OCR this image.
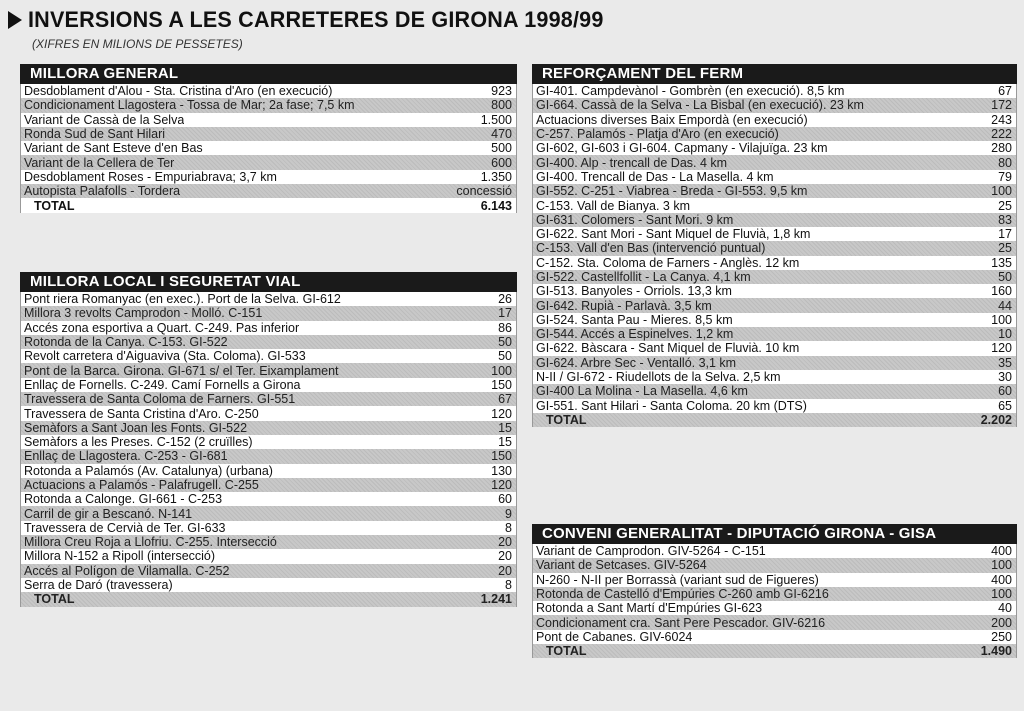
INVERSIONS A LES CARRETERES DE GIRONA 1998/99
(XIFRES EN MILIONS DE PESSETES)
MILLORA GENERAL
Desdoblament d'Alou - Sta. Cristina d'Aro (en execució)	923
Condicionament Llagostera - Tossa de Mar; 2a fase; 7,5 km	800
Variant de Cassà de la Selva	1.500
Ronda Sud de Sant Hilari	470
Variant de Sant Esteve d'en Bas	500
Variant de la Cellera de Ter	600
Desdoblament Roses - Empuriabrava; 3,7 km	1.350
Autopista Palafolls - Tordera	concessió
TOTAL	6.143
MILLORA LOCAL I SEGURETAT VIAL
Pont riera Romanyac (en exec.). Port de la Selva. GI-612	26
Millora 3 revolts Camprodon - Molló. C-151	17
Accés zona esportiva a Quart. C-249. Pas inferior	86
Rotonda de la Canya. C-153. GI-522	50
Revolt carretera d'Aiguaviva (Sta. Coloma). GI-533	50
Pont de la Barca. Girona. GI-671 s/ el Ter. Eixamplament	100
Enllaç de Fornells. C-249. Camí Fornells a Girona	150
Travessera de Santa Coloma de Farners. GI-551	67
Travessera de Santa Cristina d'Aro. C-250	120
Semàfors a Sant Joan les Fonts. GI-522	15
Semàfors a les Preses. C-152 (2 cruïlles)	15
Enllaç de Llagostera. C-253 - GI-681	150
Rotonda a Palamós (Av. Catalunya) (urbana)	130
Actuacions a Palamós - Palafrugell. C-255	120
Rotonda a Calonge. GI-661 - C-253	60
Carril de gir a Bescanó. N-141	9
Travessera de Cervià de Ter. GI-633	8
Millora Creu Roja a Llofriu. C-255. Intersecció	20
Millora N-152 a Ripoll (intersecció)	20
Accés al Polígon de Vilamalla. C-252	20
Serra de Daró (travessera)	8
TOTAL	1.241
REFORÇAMENT DEL FERM
GI-401. Campdevànol - Gombrèn (en execució). 8,5 km	67
GI-664. Cassà de la Selva - La Bisbal (en execució). 23 km	172
Actuacions diverses Baix Empordà (en execució)	243
C-257. Palamós - Platja d'Aro (en execució)	222
GI-602, GI-603 i GI-604. Capmany - Vilajuïga. 23 km	280
GI-400. Alp - trencall de Das. 4 km	80
GI-400. Trencall de Das - La Masella. 4 km	79
GI-552. C-251 - Viabrea - Breda - GI-553. 9,5 km	100
C-153. Vall de Bianya. 3 km	25
GI-631. Colomers - Sant Mori. 9 km	83
GI-622. Sant Mori - Sant Miquel de Fluvià, 1,8 km	17
C-153. Vall d'en Bas (intervenció puntual)	25
C-152. Sta. Coloma de Farners - Anglès. 12 km	135
GI-522. Castellfollit - La Canya. 4,1 km	50
GI-513. Banyoles - Orriols. 13,3 km	160
GI-642. Rupià - Parlavà. 3,5 km	44
GI-524. Santa Pau - Mieres. 8,5 km	100
GI-544. Accés a Espinelves. 1,2 km	10
GI-622. Bàscara - Sant Miquel de Fluvià. 10 km	120
GI-624. Arbre Sec - Ventalló. 3,1 km	35
N-II / GI-672 - Riudellots de la Selva. 2,5 km	30
GI-400 La Molina - La Masella. 4,6 km	60
GI-551. Sant Hilari - Santa Coloma. 20 km (DTS)	65
TOTAL	2.202
CONVENI GENERALITAT - DIPUTACIÓ GIRONA - GISA
Variant de Camprodon. GIV-5264 - C-151	400
Variant de Setcases. GIV-5264	100
N-260 - N-II per Borrassà (variant sud de Figueres)	400
Rotonda de Castelló d'Empúries C-260 amb GI-6216	100
Rotonda a Sant Martí d'Empúries GI-623	40
Condicionament cra. Sant Pere Pescador. GIV-6216	200
Pont de Cabanes. GIV-6024	250
TOTAL	1.490
